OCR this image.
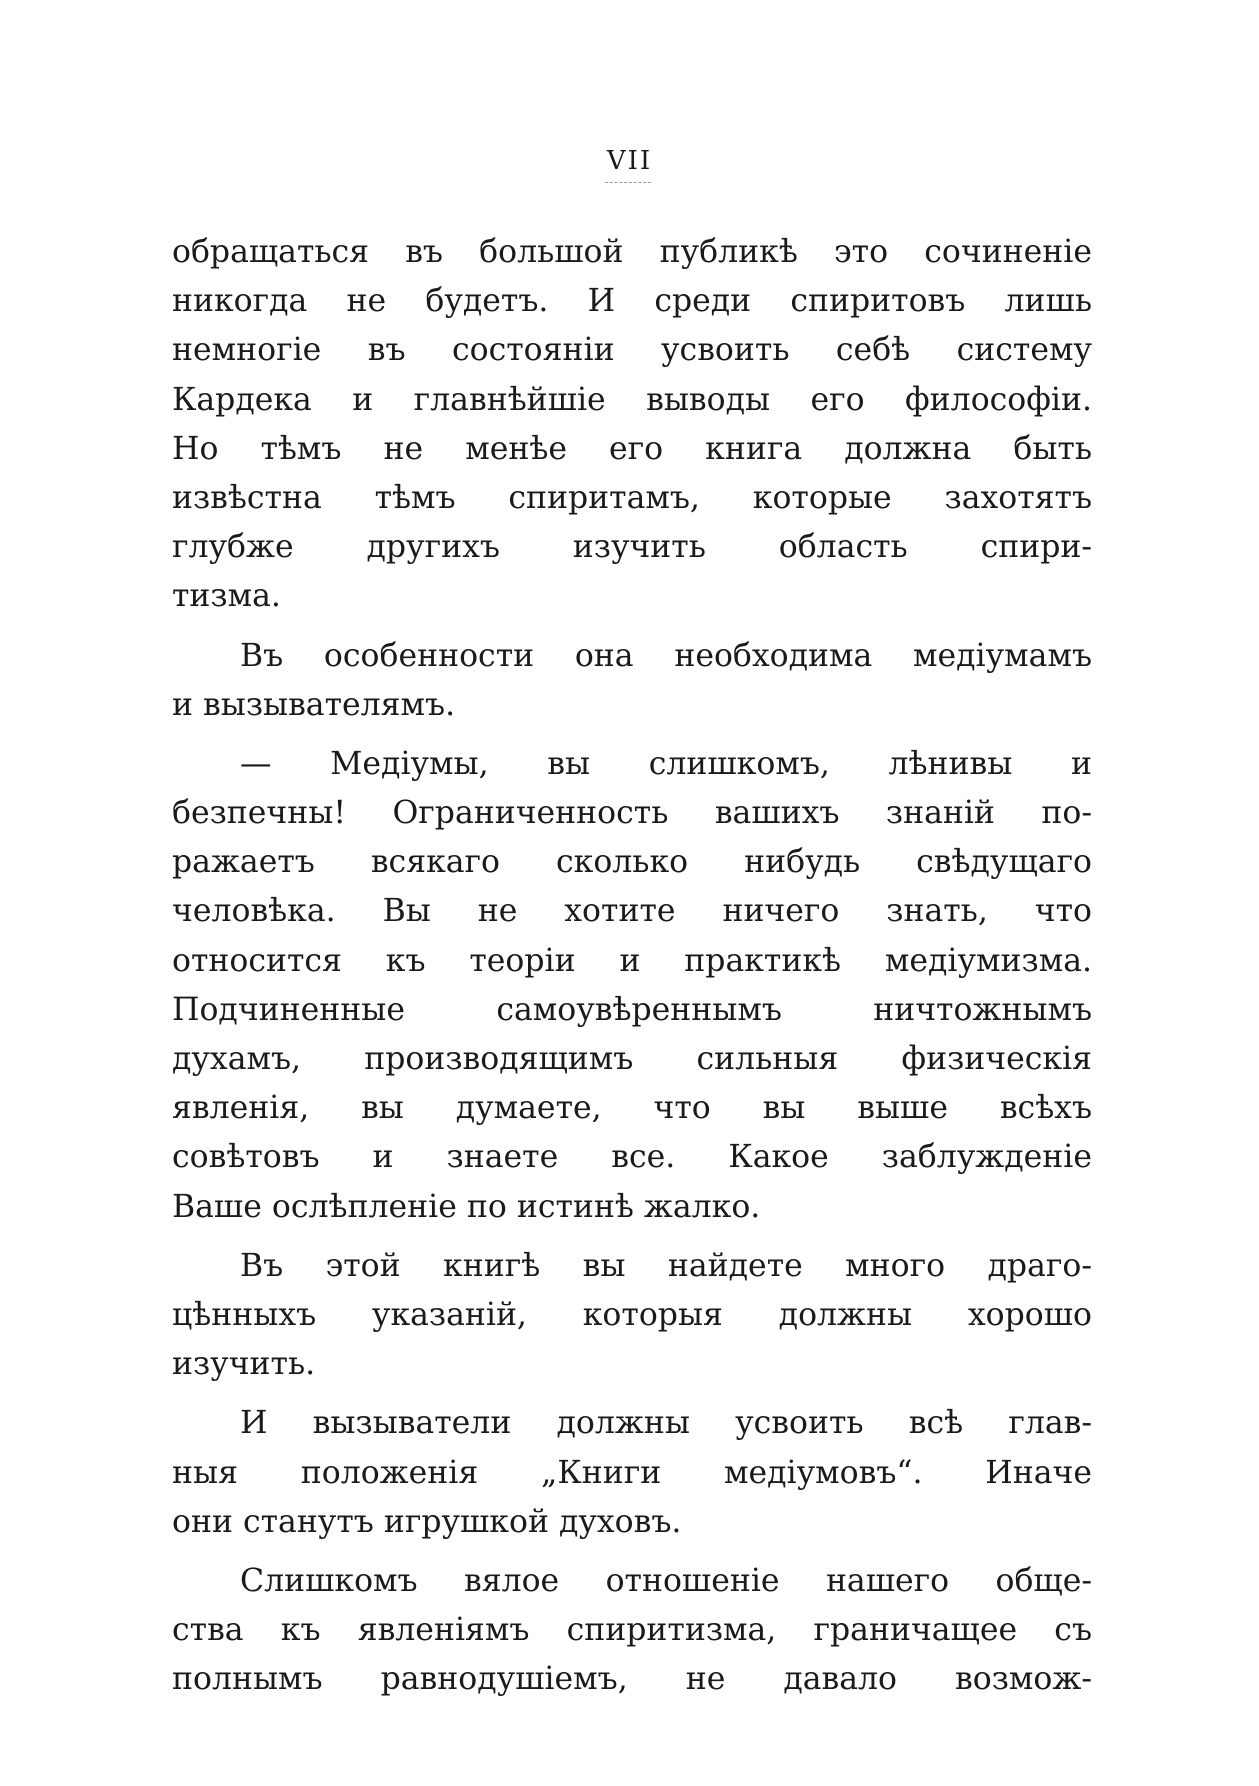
VII
обращаться въ большой публикѣ это сочиненіе
никогда не будетъ. И среди спиритовъ лишь
немногіе въ состояніи усвоить себѣ систему
Кардека и главнѣйшіе выводы его философіи.
Но тѣмъ не менѣе его книга должна быть
извѣстна тѣмъ спиритамъ, которые захотятъ
глубже другихъ изучить область спири-
тизма.
Въ особенности она необходима медіумамъ
и вызывателямъ.
— Медіумы, вы слишкомъ, лѣнивы и
безпечны! Ограниченность вашихъ знаній по-
ражаетъ всякаго сколько нибудь свѣдущаго
человѣка. Вы не хотите ничего знать, что
относится къ теоріи и практикѣ медіумизма.
Подчиненные самоувѣреннымъ ничтожнымъ
духамъ, производящимъ сильныя физическія
явленія, вы думаете, что вы выше всѣхъ
совѣтовъ и знаете все. Какое заблужденіе
Ваше ослѣпленіе по истинѣ жалко.
Въ этой книгѣ вы найдете много драго-
цѣнныхъ указаній, которыя должны хорошо
изучить.
И вызыватели должны усвоить всѣ глав-
ныя положенія „Книги медіумовъ“. Иначе
они станутъ игрушкой духовъ.
Слишкомъ вялое отношеніе нашего обще-
ства къ явленіямъ спиритизма, граничащее съ
полнымъ равнодушіемъ, не давало возмож-
